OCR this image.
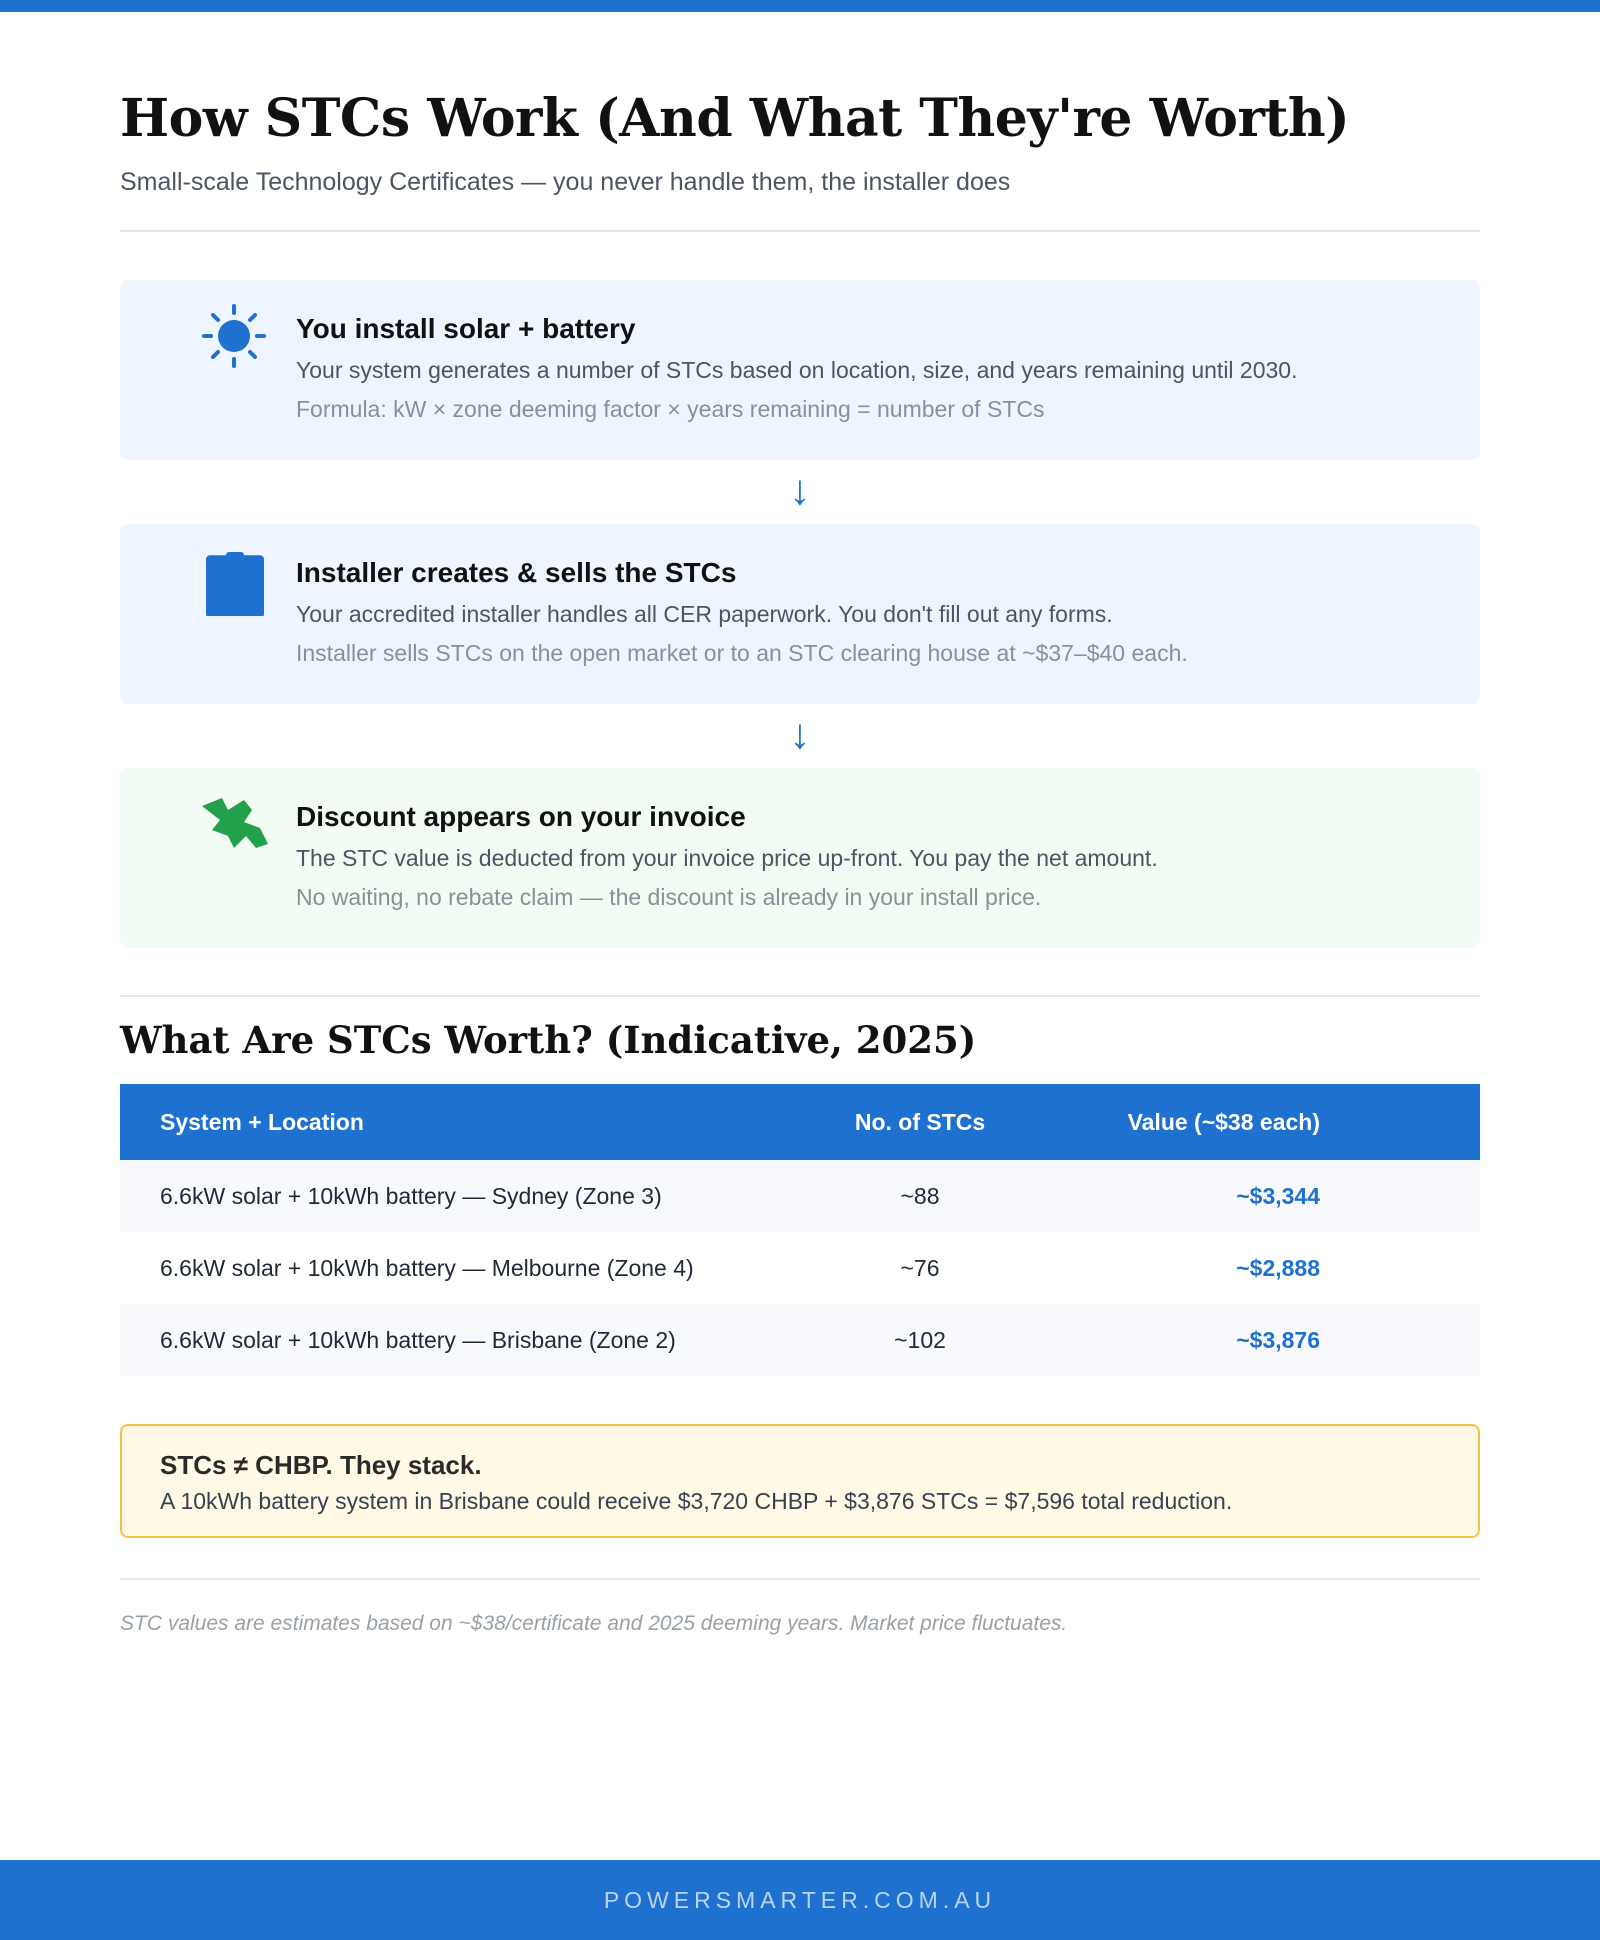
How STCs Work (And What They're Worth)
Small-scale Technology Certificates — you never handle them, the installer does
You install solar + battery
Your system generates a number of STCs based on location, size, and years remaining until 2030.
Formula: kW × zone deeming factor × years remaining = number of STCs
↓
Installer creates & sells the STCs
Your accredited installer handles all CER paperwork. You don't fill out any forms.
Installer sells STCs on the open market or to an STC clearing house at ~$37–$40 each.
↓
Discount appears on your invoice
The STC value is deducted from your invoice price up-front. You pay the net amount.
No waiting, no rebate claim — the discount is already in your install price.
What Are STCs Worth? (Indicative, 2025)
System + Location	No. of STCs	Value (~$38 each)
6.6kW solar + 10kWh battery — Sydney (Zone 3)	~88	~$3,344
6.6kW solar + 10kWh battery — Melbourne (Zone 4)	~76	~$2,888
6.6kW solar + 10kWh battery — Brisbane (Zone 2)	~102	~$3,876
STCs ≠ CHBP. They stack.
A 10kWh battery system in Brisbane could receive $3,720 CHBP + $3,876 STCs = $7,596 total reduction.
STC values are estimates based on ~$38/certificate and 2025 deeming years. Market price fluctuates.
POWERSMARTER.COM.AU
